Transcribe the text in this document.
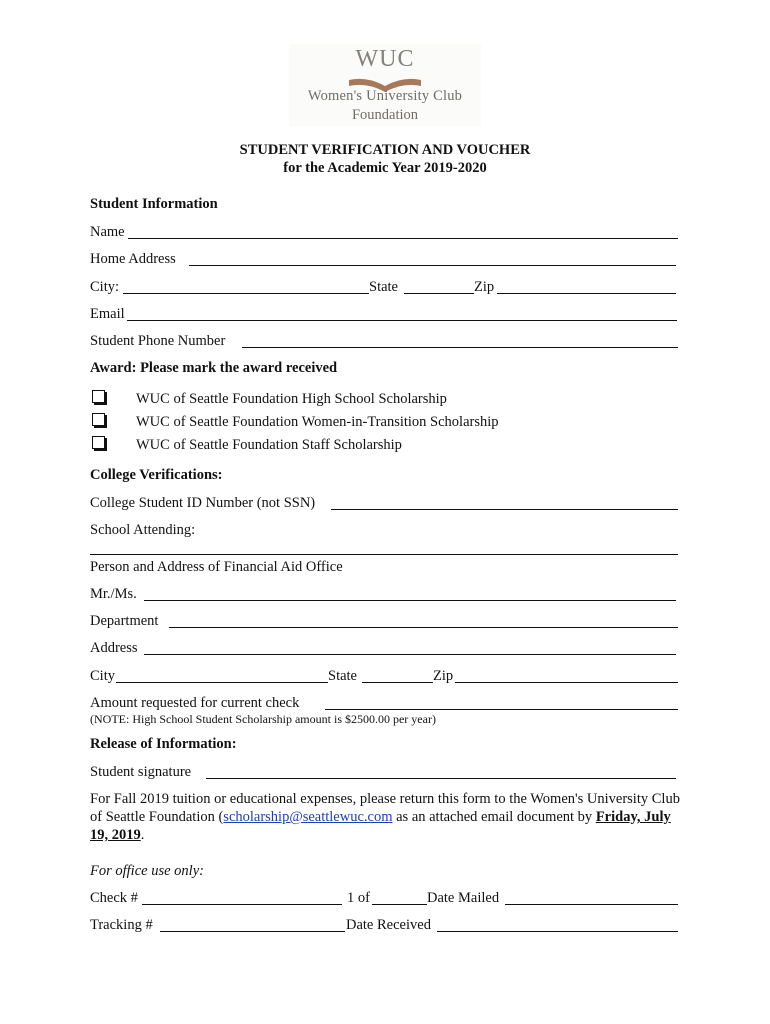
WUC
Women's University Club
Foundation
STUDENT VERIFICATION AND VOUCHER
for the Academic Year 2019-2020
Student Information
Name
Home Address
City:	State	Zip
Email
Student Phone Number
Award: Please mark the award received
WUC of Seattle Foundation High School Scholarship
WUC of Seattle Foundation Women-in-Transition Scholarship
WUC of Seattle Foundation Staff Scholarship
College Verifications:
College Student ID Number (not SSN)
School Attending:
Person and Address of Financial Aid Office
Mr./Ms.
Department
Address
City	State	Zip
Amount requested for current check
(NOTE: High School Student Scholarship amount is $2500.00 per year)
Release of Information:
Student signature
For Fall 2019 tuition or educational expenses, please return this form to the Women's University Club of Seattle Foundation (scholarship@seattlewuc.com as an attached email document by Friday, July 19, 2019.
For office use only:
Check #	1 of	Date Mailed
Tracking #	Date Received
